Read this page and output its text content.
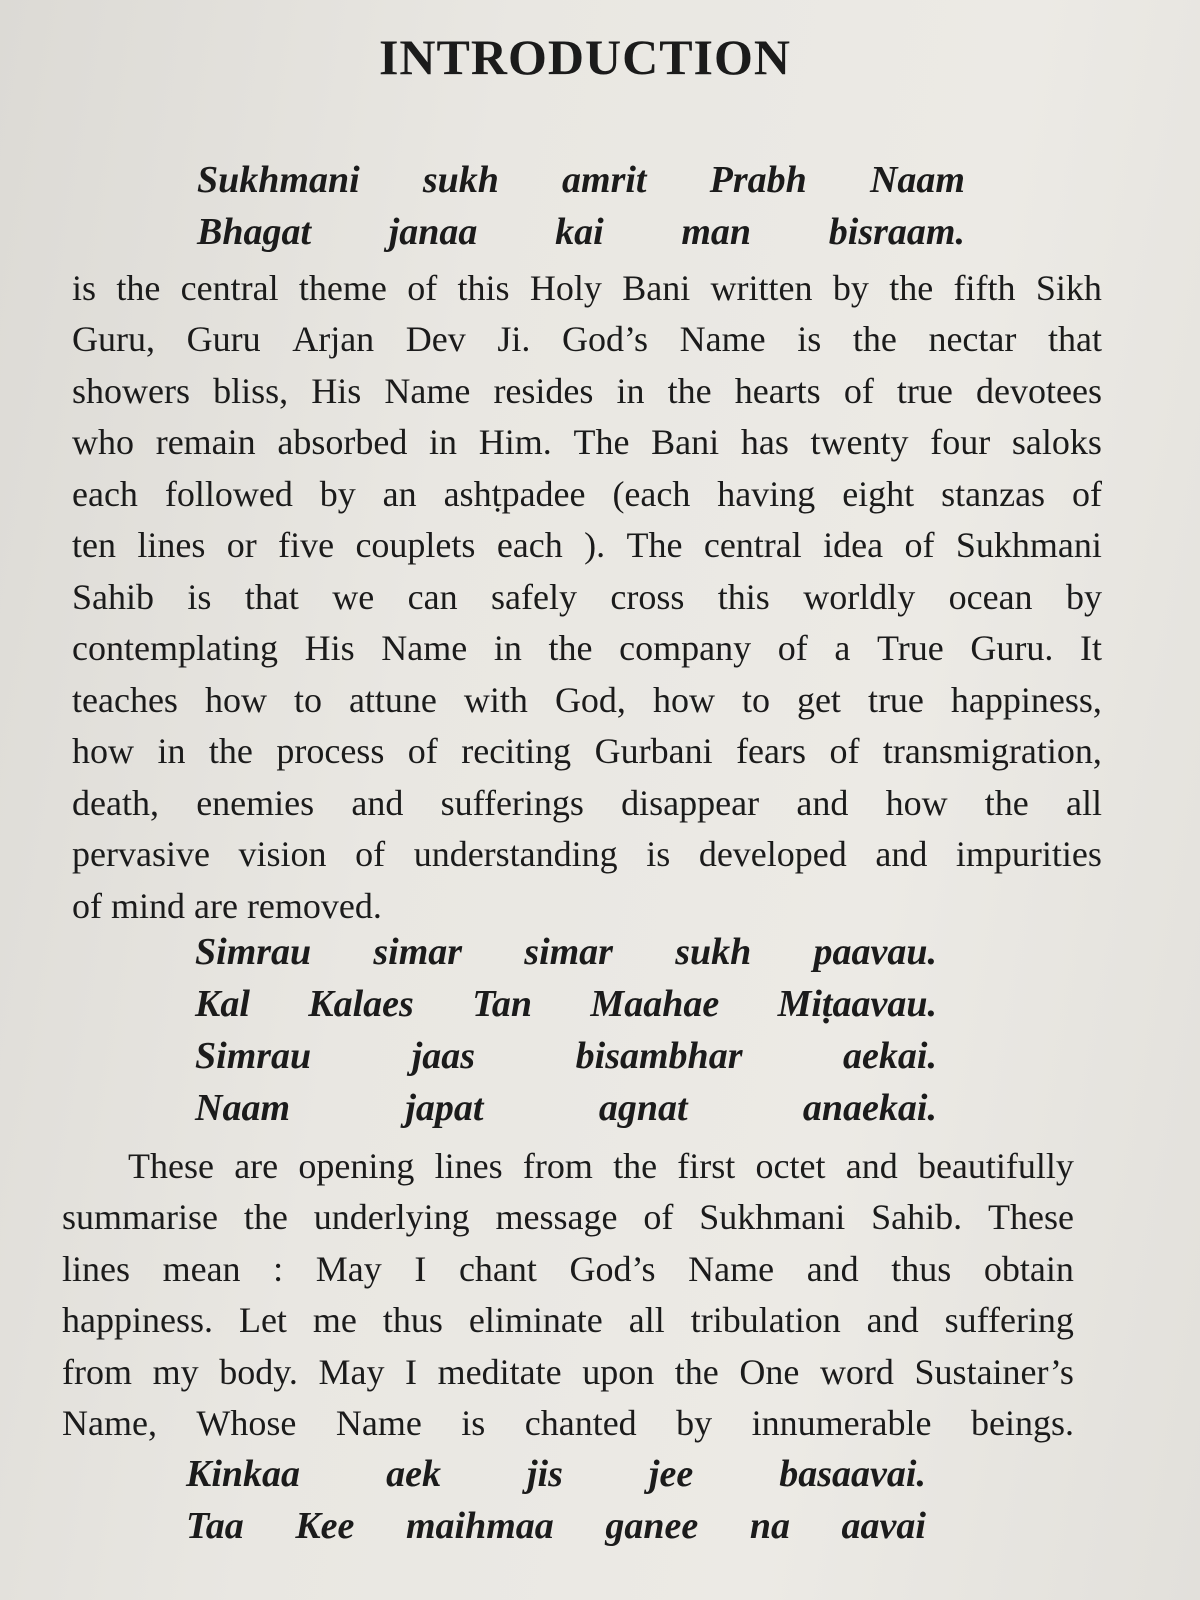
INTRODUCTION
Sukhmani sukh amrit Prabh Naam
Bhagat janaa kai man bisraam.
is the central theme of this Holy Bani written by the fifth Sikh
Guru, Guru Arjan Dev Ji. God’s Name is the nectar that
showers bliss, His Name resides in the hearts of true devotees
who remain absorbed in Him. The Bani has twenty four saloks
each followed by an ashṭpadee (each having eight stanzas of
ten lines or five couplets each ). The central idea of Sukhmani
Sahib is that we can safely cross this worldly ocean by
contemplating His Name in the company of a True Guru. It
teaches how to attune with God, how to get true happiness,
how in the process of reciting Gurbani fears of transmigration,
death, enemies and sufferings disappear and how the all
pervasive vision of understanding is developed and impurities
of mind are removed.
Simrau simar simar sukh paavau.
Kal Kalaes Tan Maahae Miṭaavau.
Simrau	jaas	bisambhar	aekai.
Naam	japat	agnat	anaekai.
These are opening lines from the first octet and beautifully
summarise the underlying message of Sukhmani Sahib. These
lines mean : May I chant God’s Name and thus obtain
happiness. Let me thus eliminate all tribulation and suffering
from my body. May I meditate upon the One word Sustainer’s
Name, Whose Name is chanted by innumerable beings.
Kinkaa aek jis jee basaavai.
Taa Kee maihmaa ganee na aavai
